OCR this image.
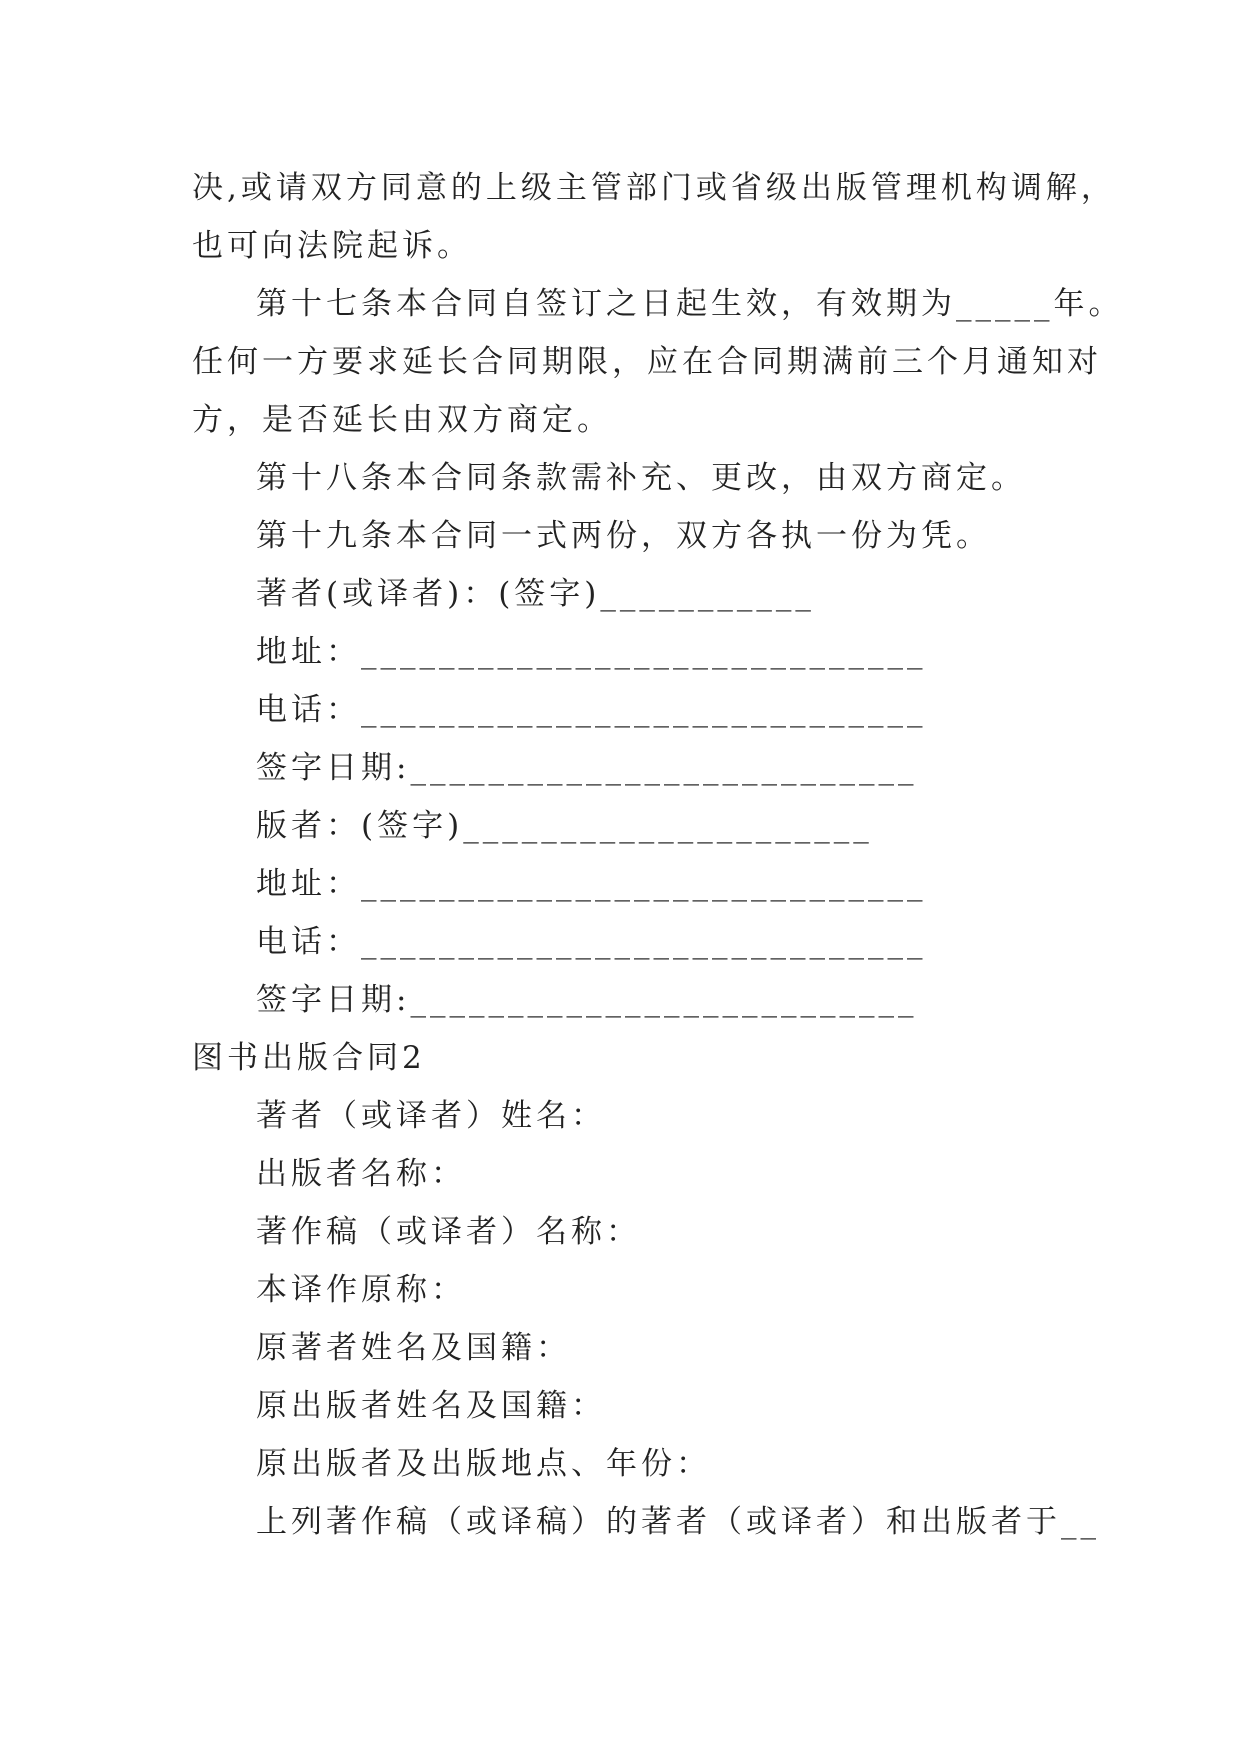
决,或请双方同意的上级主管部门或省级出版管理机构调解，
也可向法院起诉。
第十七条本合同自签订之日起生效，有效期为_____年。
任何一方要求延长合同期限，应在合同期满前三个月通知对
方，是否延长由双方商定。
第十八条本合同条款需补充、更改，由双方商定。
第十九条本合同一式两份，双方各执一份为凭。
著者(或译者)：(签字)___________
地址：_____________________________
电话：_____________________________
签字日期:__________________________
版者：(签字)_____________________
地址：_____________________________
电话：_____________________________
签字日期:__________________________
图书出版合同2
著者（或译者）姓名：
出版者名称：
著作稿（或译者）名称：
本译作原称：
原著者姓名及国籍：
原出版者姓名及国籍：
原出版者及出版地点、年份：
上列著作稿（或译稿）的著者（或译者）和出版者于__
